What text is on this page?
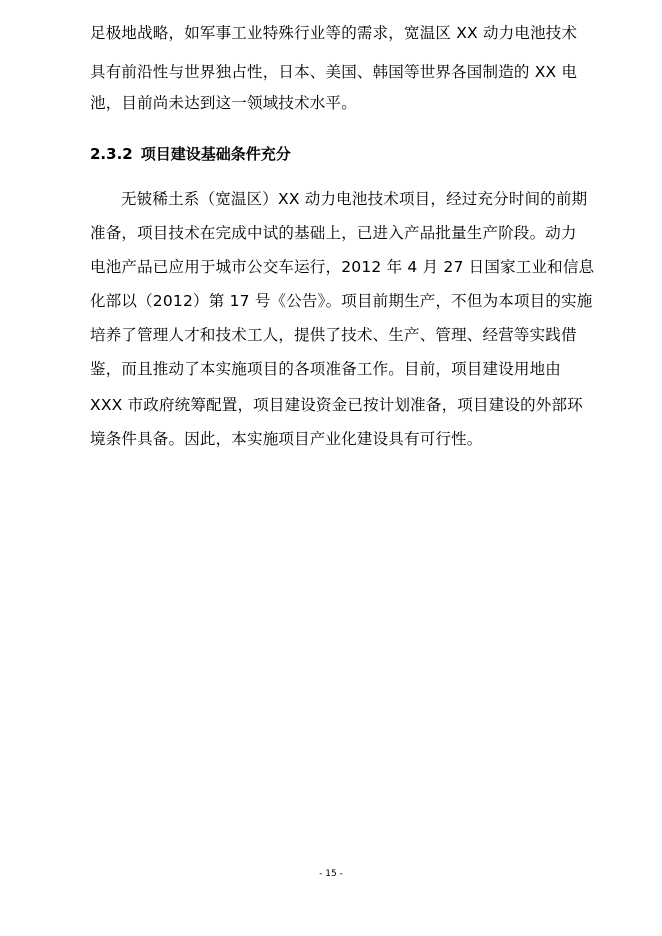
足极地战略，如军事工业特殊行业等的需求，宽温区 XX 动力电池技术
具有前沿性与世界独占性，日本、美国、韩国等世界各国制造的 XX 电
池，目前尚未达到这一领域技术水平。
2.3.2 项目建设基础条件充分
无铍稀土系（宽温区）XX 动力电池技术项目，经过充分时间的前期
准备，项目技术在完成中试的基础上，已进入产品批量生产阶段。动力
电池产品已应用于城市公交车运行，2012 年 4 月 27 日国家工业和信息
化部以（2012）第 17 号《公告》。项目前期生产，不但为本项目的实施
培养了管理人才和技术工人，提供了技术、生产、管理、经营等实践借
鉴，而且推动了本实施项目的各项准备工作。目前，项目建设用地由
XXX 市政府统筹配置，项目建设资金已按计划准备，项目建设的外部环
境条件具备。因此，本实施项目产业化建设具有可行性。
- 15 -
